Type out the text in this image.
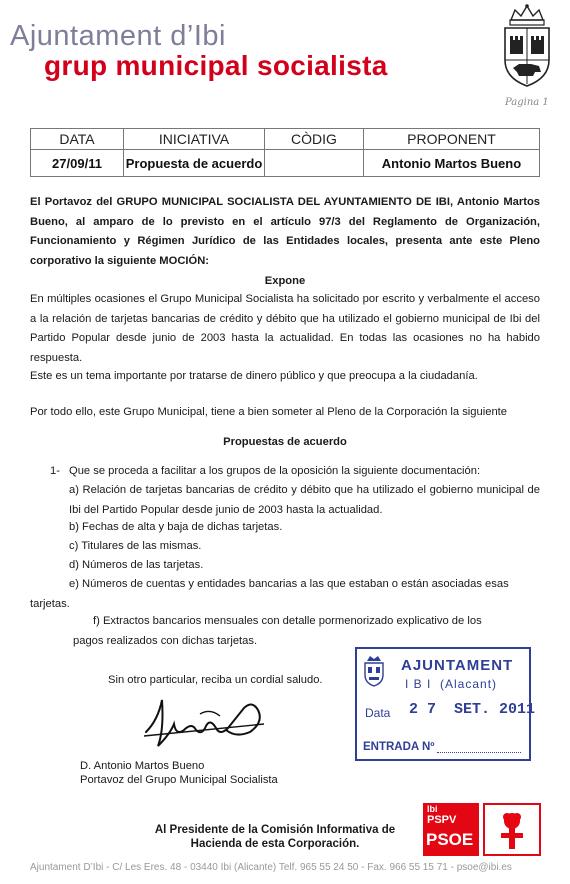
Ajuntament d’Ibi
grup municipal socialista
Pagina 1
DATA	INICIATIVA	CÒDIG	PROPONENT
27/09/11	Propuesta de acuerdo		Antonio Martos Bueno
El Portavoz del GRUPO MUNICIPAL SOCIALISTA DEL AYUNTAMIENTO DE IBI, Antonio Martos Bueno, al amparo de lo previsto en el artículo 97/3 del Reglamento de Organización, Funcionamiento y Régimen Jurídico de las Entidades locales, presenta ante este Pleno corporativo la siguiente MOCIÓN:
Expone
En múltiples ocasiones el Grupo Municipal Socialista ha solicitado por escrito y verbalmente el acceso a la relación de tarjetas bancarias de crédito y débito que ha utilizado el gobierno municipal de Ibi del Partido Popular desde junio de 2003 hasta la actualidad. En todas las ocasiones no ha habido respuesta.
Este es un tema importante por tratarse de dinero público y que preocupa a la ciudadanía.
Por todo ello, este Grupo Municipal, tiene a bien someter al Pleno de la Corporación la siguiente
Propuestas de acuerdo
1- Que se proceda a facilitar a los grupos de la oposición la siguiente documentación:
a) Relación de tarjetas bancarias de crédito y débito que ha utilizado el gobierno municipal de Ibi del Partido Popular desde junio de 2003 hasta la actualidad.
b) Fechas de alta y baja de dichas tarjetas.
c) Titulares de las mismas.
d) Números de las tarjetas.
e) Números de cuentas y entidades bancarias a las que estaban o están asociadas esas tarjetas.
f) Extractos bancarios mensuales con detalle pormenorizado explicativo de los pagos realizados con dichas tarjetas.
Sin otro particular, reciba un cordial saludo.
D. Antonio Martos Bueno
Portavoz del Grupo Municipal Socialista
AJUNTAMENT
I B I  (Alacant)
Data 2 7  SET. 2011
ENTRADA Nº
Al Presidente de la Comisión Informativa de
Hacienda de esta Corporación.
Ibi
PSPV
PSOE
Ajuntament D’Ibi - C/ Les Eres. 48 - 03440 Ibi (Alicante) Telf. 965 55 24 50 - Fax. 966 55 15 71 - psoe@ibi.es
